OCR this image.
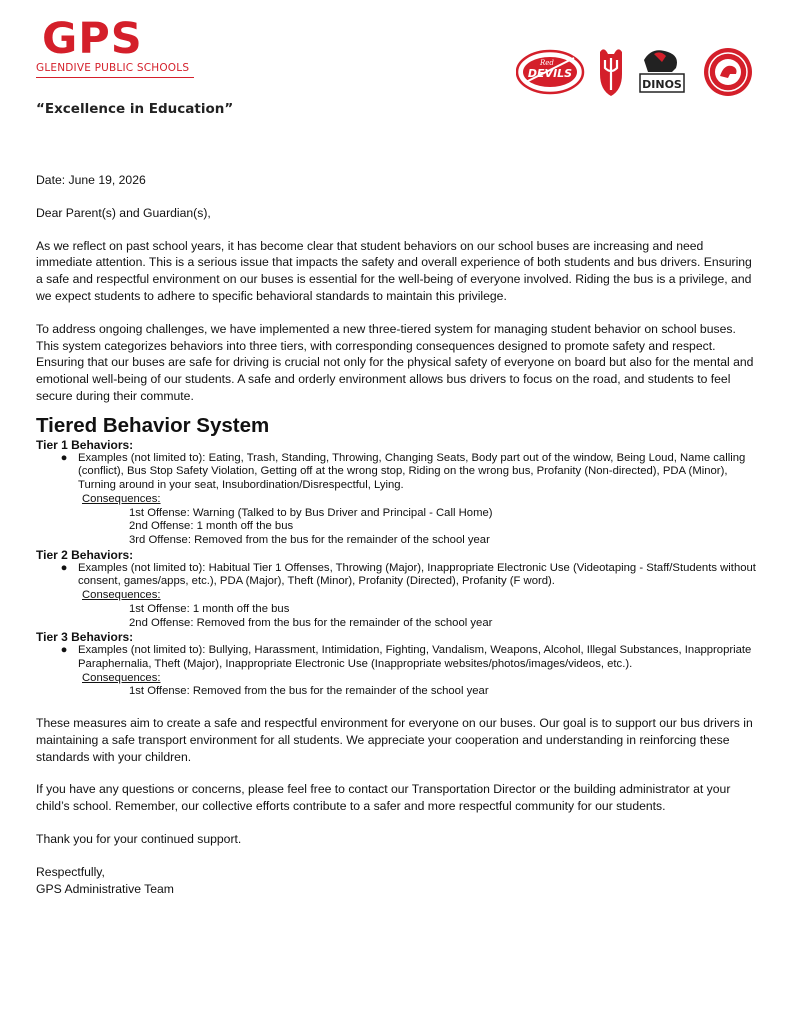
GPS
GLENDIVE PUBLIC SCHOOLS
“Excellence in Education”
DEVILS
Red
DINOS

Date: June 19, 2026

Dear Parent(s) and Guardian(s),

As we reflect on past school years, it has become clear that student behaviors on our school buses are increasing and need immediate attention. This is a serious issue that impacts the safety and overall experience of both students and bus drivers. Ensuring a safe and respectful environment on our buses is essential for the well-being of everyone involved. Riding the bus is a privilege, and we expect students to adhere to specific behavioral standards to maintain this privilege.

To address ongoing challenges, we have implemented a new three-tiered system for managing student behavior on school buses. This system categorizes behaviors into three tiers, with corresponding consequences designed to promote safety and respect. Ensuring that our buses are safe for driving is crucial not only for the physical safety of everyone on board but also for the mental and emotional well-being of our students. A safe and orderly environment allows bus drivers to focus on the road, and students to feel secure during their commute.

Tiered Behavior System
Tier 1 Behaviors:
● Examples (not limited to): Eating, Trash, Standing, Throwing, Changing Seats, Body part out of the window, Being Loud, Name calling (conflict), Bus Stop Safety Violation, Getting off at the wrong stop, Riding on the wrong bus, Profanity (Non-directed), PDA (Minor), Turning around in your seat, Insubordination/Disrespectful, Lying.
Consequences:
1st Offense: Warning (Talked to by Bus Driver and Principal - Call Home)
2nd Offense: 1 month off the bus
3rd Offense: Removed from the bus for the remainder of the school year
Tier 2 Behaviors:
● Examples (not limited to): Habitual Tier 1 Offenses, Throwing (Major), Inappropriate Electronic Use (Videotaping - Staff/Students without consent, games/apps, etc.), PDA (Major), Theft (Minor), Profanity (Directed), Profanity (F word).
Consequences:
1st Offense: 1 month off the bus
2nd Offense: Removed from the bus for the remainder of the school year
Tier 3 Behaviors:
● Examples (not limited to): Bullying, Harassment, Intimidation, Fighting, Vandalism, Weapons, Alcohol, Illegal Substances, Inappropriate Paraphernalia, Theft (Major), Inappropriate Electronic Use (Inappropriate websites/photos/images/videos, etc.).
Consequences:
1st Offense: Removed from the bus for the remainder of the school year

These measures aim to create a safe and respectful environment for everyone on our buses. Our goal is to support our bus drivers in maintaining a safe transport environment for all students. We appreciate your cooperation and understanding in reinforcing these standards with your children.

If you have any questions or concerns, please feel free to contact our Transportation Director or the building administrator at your child’s school. Remember, our collective efforts contribute to a safer and more respectful community for our students.

Thank you for your continued support.

Respectfully,

GPS Administrative Team
